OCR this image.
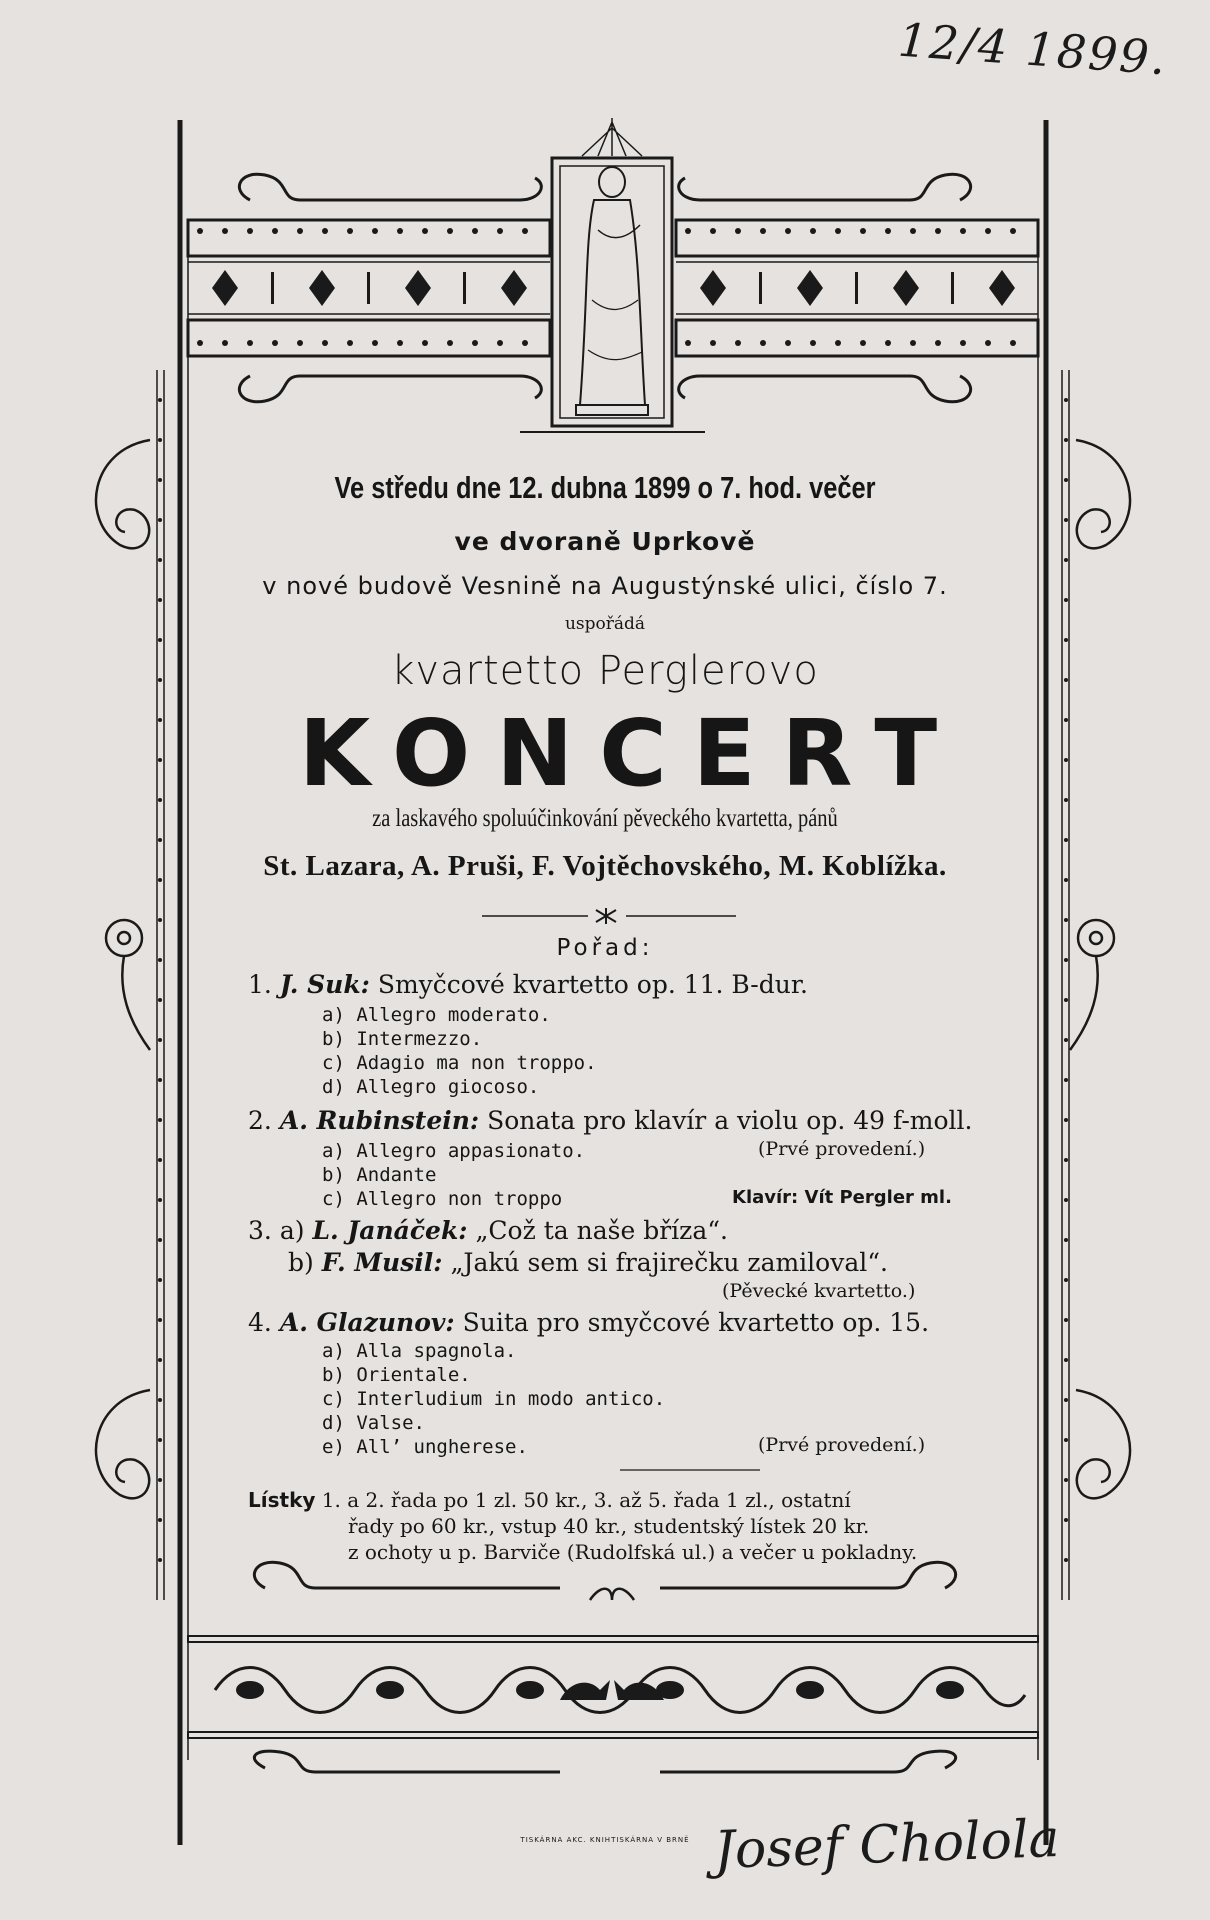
12/4 1899.
Ve středu dne 12. dubna 1899 o 7. hod. večer
ve dvoraně Uprkově
v nové budově Vesnině na Augustýnské ulici, číslo 7.
uspořádá
kvartetto Perglerovo
KONCERT
za laskavého spoluúčinkování pěveckého kvartetta, pánů
St. Lazara, A. Pruši, F. Vojtěchovského, M. Koblížka.
Pořad:
1. J. Suk: Smyčcové kvartetto op. 11. B-dur.
a) Allegro moderato.
b) Intermezzo.
c) Adagio ma non troppo.
d) Allegro giocoso.
2. A. Rubinstein: Sonata pro klavír a violu op. 49 f-moll.
a) Allegro appasionato.	(Prvé provedení.)
b) Andante
c) Allegro non troppo	Klavír: Vít Pergler ml.
3. a) L. Janáček: „Což ta naše bříza“.
b) F. Musil: „Jakú sem si frajirečku zamiloval“.
(Pěvecké kvartetto.)
4. A. Glazunov: Suita pro smyčcové kvartetto op. 15.
a) Alla spagnola.
b) Orientale.
c) Interludium in modo antico.
d) Valse.
e) All’ ungherese.	(Prvé provedení.)
Lístky 1. a 2. řada po 1 zl. 50 kr., 3. až 5. řada 1 zl., ostatní
řady po 60 kr., vstup 40 kr., studentský lístek 20 kr.
z ochoty u p. Barviče (Rudolfská ul.) a večer u pokladny.
TISKÁRNA AKC. KNIHTISKÁRNA V BRNĚ Josef Cholola
